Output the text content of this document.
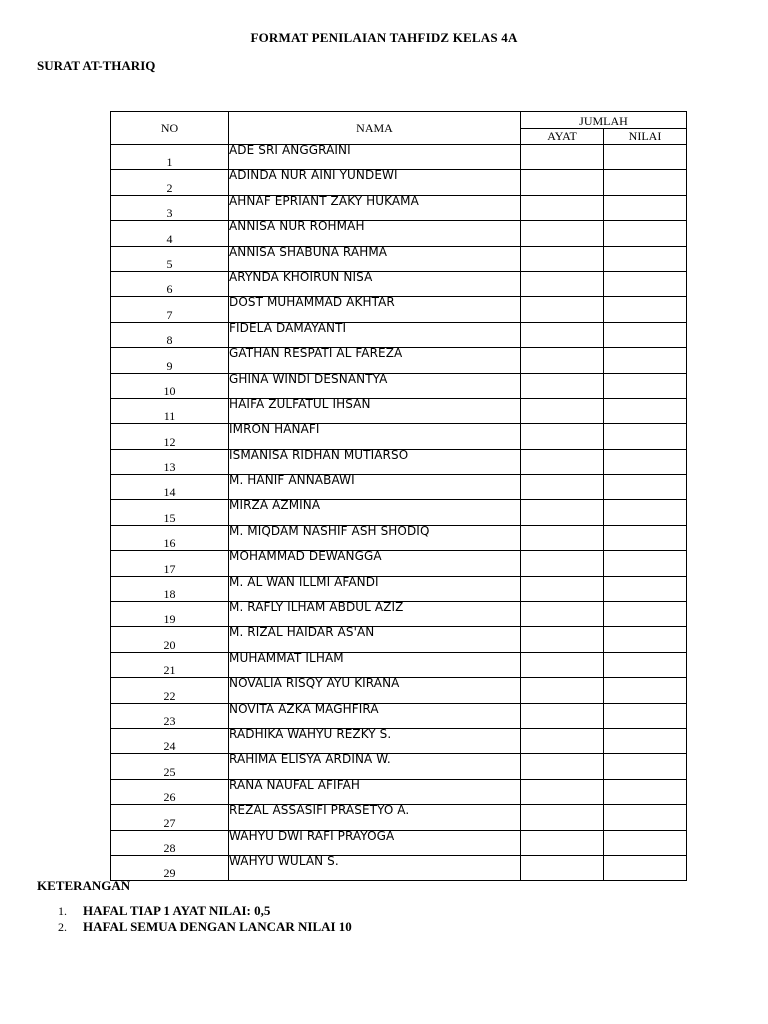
FORMAT PENILAIAN TAHFIDZ KELAS 4A
SURAT AT-THARIQ
NO	NAMA	JUMLAH	
		AYAT	NILAI
1	ADE SRI ANGGRAINI		
2	ADINDA NUR AINI YUNDEWI		
3	AHNAF EPRIANT ZAKY HUKAMA		
4	ANNISA NUR ROHMAH		
5	ANNISA SHABUNA RAHMA		
6	ARYNDA KHOIRUN NISA		
7	DOST MUHAMMAD AKHTAR		
8	FIDELA DAMAYANTI		
9	GATHAN RESPATI AL FAREZA		
10	GHINA WINDI DESNANTYA		
11	HAIFA ZULFATUL IHSAN		
12	IMRON HANAFI		
13	ISMANISA RIDHAN MUTIARSO		
14	M. HANIF ANNABAWI		
15	MIRZA AZMINA		
16	M. MIQDAM NASHIF ASH SHODIQ		
17	MOHAMMAD DEWANGGA		
18	M. AL WAN ILLMI AFANDI		
19	M. RAFLY ILHAM ABDUL AZIZ		
20	M. RIZAL HAIDAR AS'AN		
21	MUHAMMAT ILHAM		
22	NOVALIA RISQY AYU KIRANA		
23	NOVITA AZKA MAGHFIRA		
24	RADHIKA WAHYU REZKY S.		
25	RAHIMA ELISYA ARDINA W.		
26	RANA NAUFAL AFIFAH		
27	REZAL ASSASIFI PRASETYO A.		
28	WAHYU DWI RAFI PRAYOGA		
29	WAHYU WULAN S.		
KETERANGAN
1.	HAFAL TIAP 1 AYAT NILAI: 0,5
2.	HAFAL SEMUA DENGAN LANCAR NILAI 10
